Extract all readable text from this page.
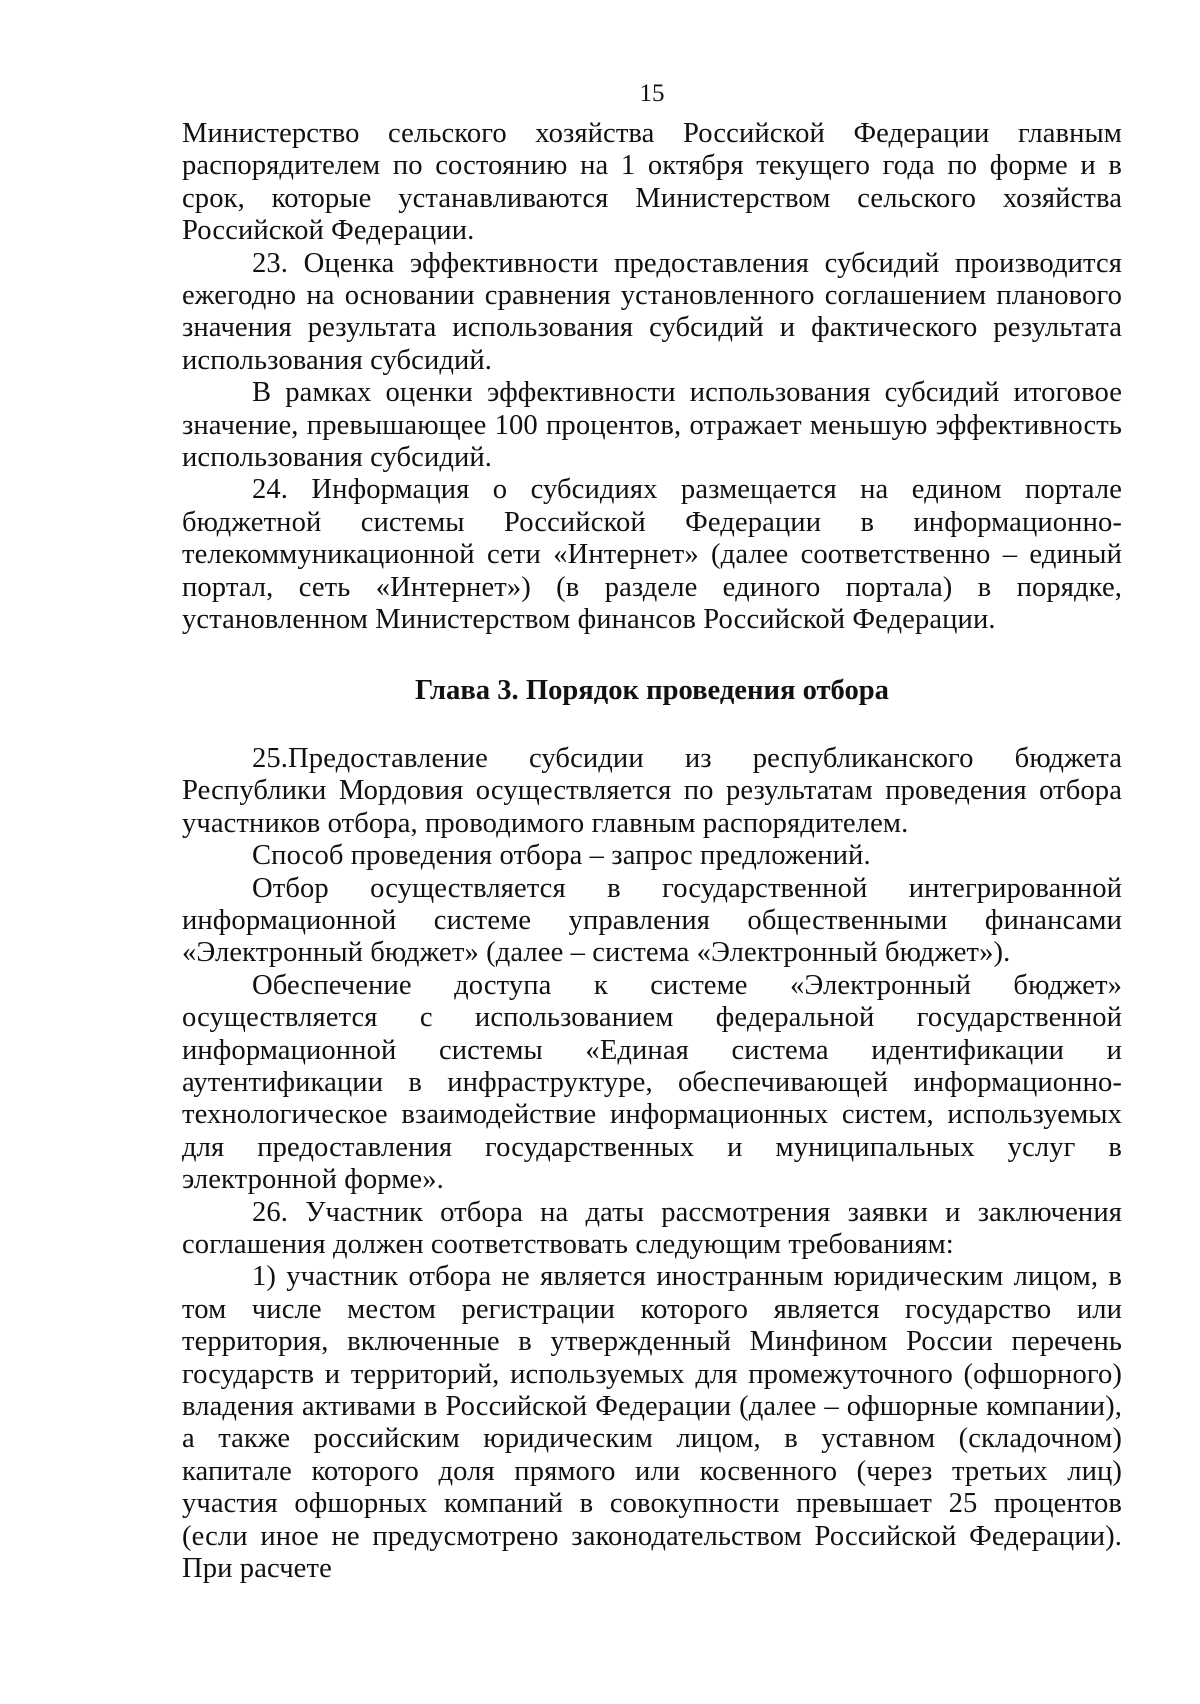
15

Министерство сельского хозяйства Российской Федерации главным распорядителем по состоянию на 1 октября текущего года по форме и в срок, которые устанавливаются Министерством сельского хозяйства Российской Федерации.

23. Оценка эффективности предоставления субсидий производится ежегодно на основании сравнения установленного соглашением планового значения результата использования субсидий и фактического результата использования субсидий.

В рамках оценки эффективности использования субсидий итоговое значение, превышающее 100 процентов, отражает меньшую эффективность использования субсидий.

24. Информация о субсидиях размещается на едином портале бюджетной системы Российской Федерации в информационно-телекоммуникационной сети «Интернет» (далее соответственно – единый портал, сеть «Интернет») (в разделе единого портала) в порядке, установленном Министерством финансов Российской Федерации.

Глава 3. Порядок проведения отбора

25.Предоставление субсидии из республиканского бюджета Республики Мордовия осуществляется по результатам проведения отбора участников отбора, проводимого главным распорядителем.

Способ проведения отбора – запрос предложений.

Отбор осуществляется в государственной интегрированной информационной системе управления общественными финансами «Электронный бюджет» (далее – система «Электронный бюджет»).

Обеспечение доступа к системе «Электронный бюджет» осуществляется с использованием федеральной государственной информационной системы «Единая система идентификации и аутентификации в инфраструктуре, обеспечивающей информационно-технологическое взаимодействие информационных систем, используемых для предоставления государственных и муниципальных услуг в электронной форме».

26. Участник отбора на даты рассмотрения заявки и заключения соглашения должен соответствовать следующим требованиям:

1) участник отбора не является иностранным юридическим лицом, в том числе местом регистрации которого является государство или территория, включенные в утвержденный Минфином России перечень государств и территорий, используемых для промежуточного (офшорного) владения активами в Российской Федерации (далее – офшорные компании), а также российским юридическим лицом, в уставном (складочном) капитале которого доля прямого или косвенного (через третьих лиц) участия офшорных компаний в совокупности превышает 25 процентов (если иное не предусмотрено законодательством Российской Федерации). При расчете
